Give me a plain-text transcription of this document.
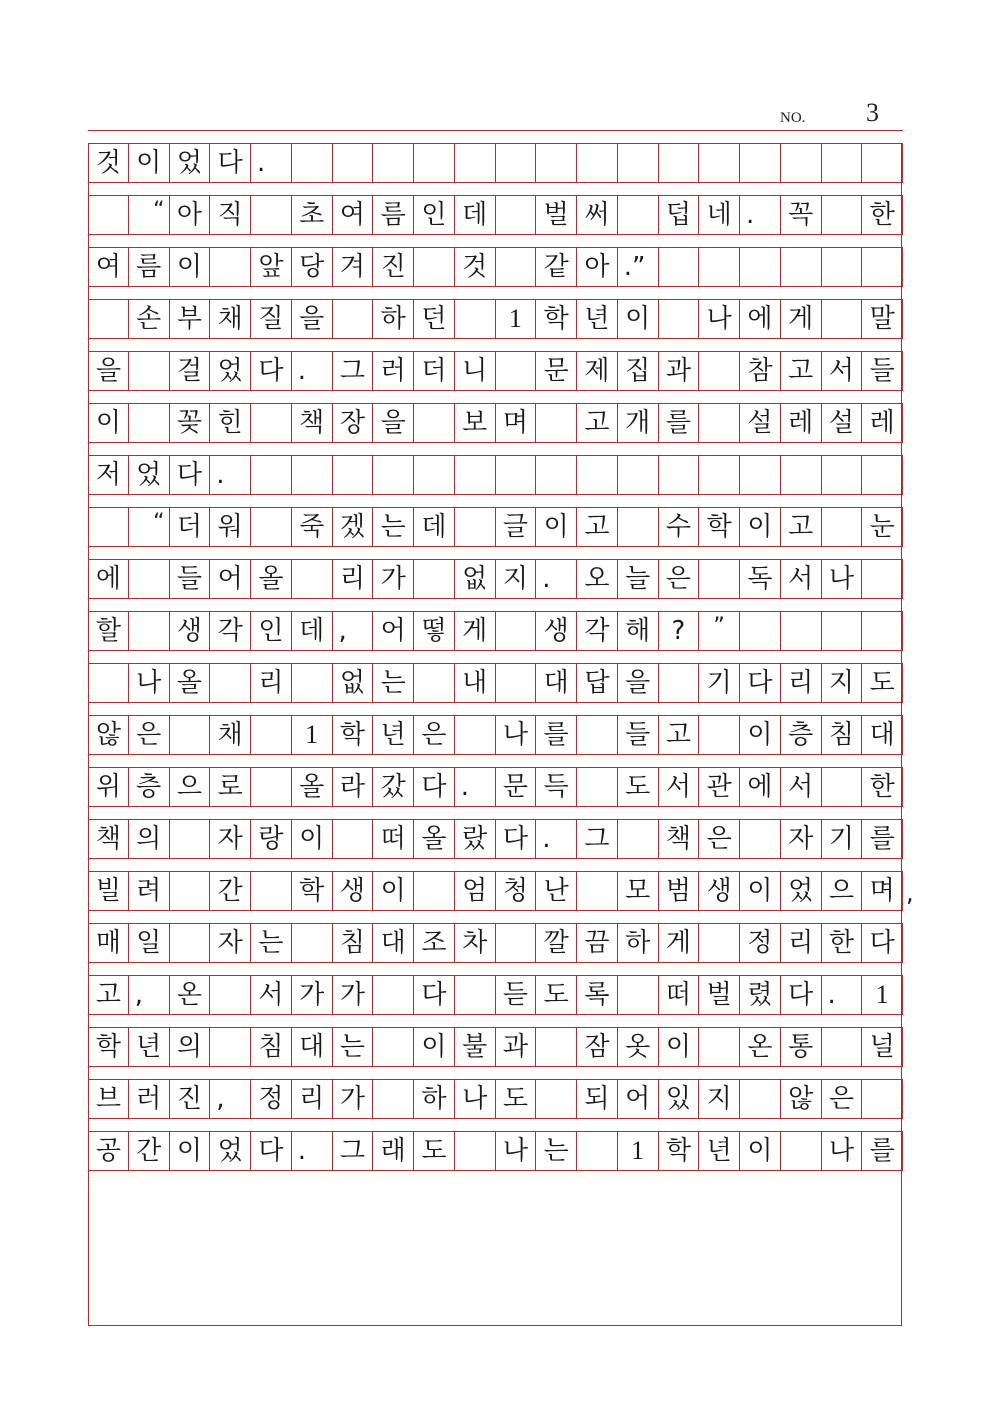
NO. 3
것 이 었 다 .
“ 아 직	초 여 름 인 데	벌 써	덥 네 .	꼭	한
여 름 이	앞 당 겨 진	것	같 아 .”
손 부 채 질 을	하 던	1 학 년 이	나 에 게	말
을	걸 었 다 .	그 러 더 니	문 제 집 과	참 고 서 들
이	꽂 힌	책 장 을	보 며	고 개 를	설 레 설 레
저 었 다 .
“ 더 워	죽 겠 는 데	글 이 고	수 학 이 고	눈
에	들 어 올	리 가	없 지 .	오 늘 은	독 서 나
할	생 각 인 데 ,	어 떻 게	생 각 해 ?	”
나 올	리	없 는	내	대 답 을	기 다 리 지 도
않 은	채	1 학 년 은	나 를	들 고	이 층 침 대
위 층 으 로	올 라 갔 다 .	문 득	도 서 관 에 서	한
책 의	자 랑 이	떠 올 랐 다 .	그	책 은	자 기 를
빌 려	간	학 생 이	엄 청 난	모 범 생 이 었 으 며
매 일	자 는	침 대 조 차	깔 끔 하 게	정 리 한 다
고 ,	온	서 가 가	다	듣 도 록	떠 벌 렸 다 .	1
학 년 의	침 대 는	이 불 과	잠 옷 이	온 통	널
브 러 진 ,	정 리 가	하 나 도	되 어 있 지	않 은
공 간 이 었 다 .	그 래 도	나 는	1 학 년 이	나 를
,
